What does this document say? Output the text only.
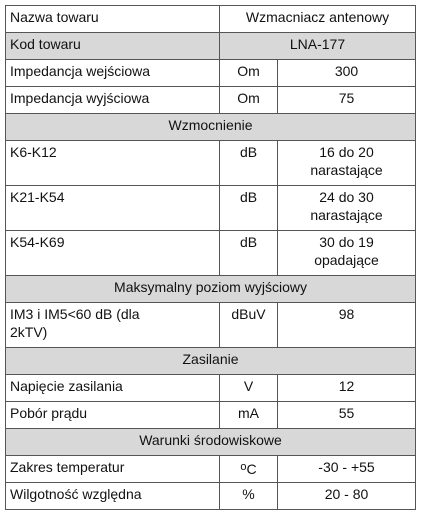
Nazwa towaru	Wzmacniacz antenowy	
Kod towaru	LNA-177	
Impedancja wejściowa	Om	300
Impedancja wyjściowa	Om	75
Wzmocnienie		
K6-K12	dB	16 do 20
narastające
K21-K54	dB	24 do 30
narastające
K54-K69	dB	30 do 19
opadające
Maksymalny poziom wyjściowy		
IM3 i IM5<60 dB (dla
2kTV)	dBuV	98
Zasilanie		
Napięcie zasilania	V	12
Pobór prądu	mA	55
Warunki środowiskowe		
Zakres temperatur	$^o$C	-30 - +55
Wilgotność względna	%	20 - 80
